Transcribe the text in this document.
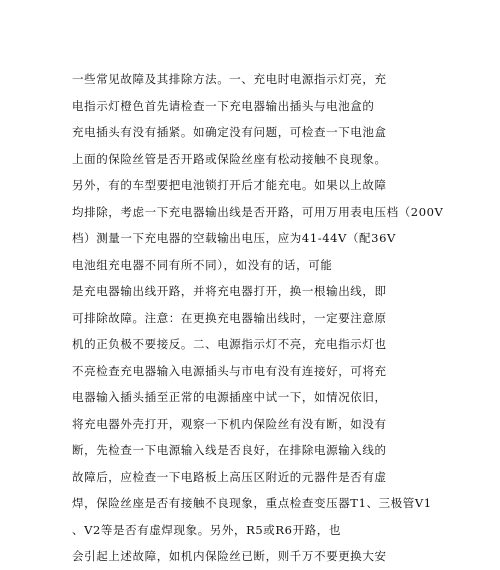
一些常见故障及其排除方法。一、充电时电源指示灯亮，充
电指示灯橙色首先请检查一下充电器输出插头与电池盒的
充电插头有没有插紧。如确定没有问题，可检查一下电池盒
上面的保险丝管是否开路或保险丝座有松动接触不良现象。
另外，有的车型要把电池锁打开后才能充电。如果以上故障
均排除，考虑一下充电器输出线是否开路，可用万用表电压档（200V
档）测量一下充电器的空载输出电压，应为41-44V（配36V
电池组充电器不同有所不同），如没有的话，可能
是充电器输出线开路，并将充电器打开，换一根输出线，即
可排除故障。注意：在更换充电器输出线时，一定要注意原
机的正负极不要接反。二、电源指示灯不亮，充电指示灯也
不亮检查充电器输入电源插头与市电有没有连接好，可将充
电器输入插头插至正常的电源插座中试一下，如情况依旧，
将充电器外壳打开，观察一下机内保险丝有没有断，如没有
断，先检查一下电源输入线是否良好，在排除电源输入线的
故障后，应检查一下电路板上高压区附近的元器件是否有虚
焊，保险丝座是否有接触不良现象，重点检查变压器T1、三极管V1
、V2等是否有虚焊现象。另外，R5或R6开路，也
会引起上述故障，如机内保险丝已断，则千万不要更换大安
